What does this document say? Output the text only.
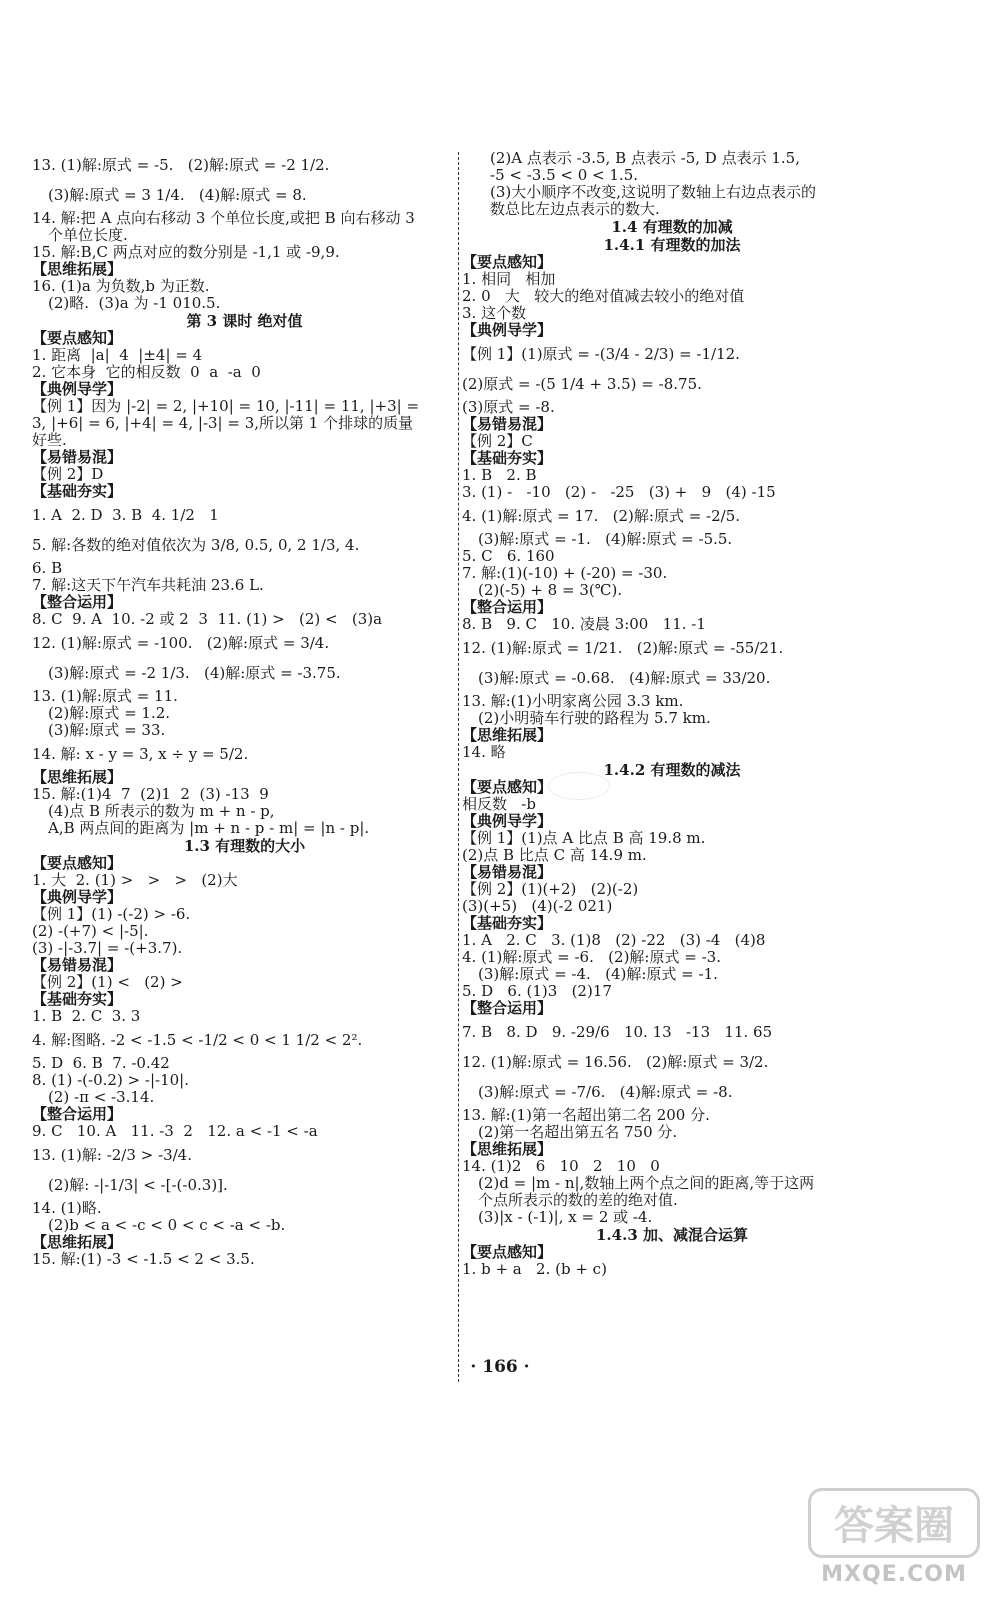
13. (1)解:原式 = -5.   (2)解:原式 = -2 1/2.
(3)解:原式 = 3 1/4.   (4)解:原式 = 8.
14. 解:把 A 点向右移动 3 个单位长度,或把 B 向右移动 3
个单位长度.
15. 解:B,C 两点对应的数分别是 -1,1 或 -9,9.
【思维拓展】
16. (1)a 为负数,b 为正数.
(2)略.  (3)a 为 -1 010.5.
第 3 课时 绝对值
【要点感知】
1. 距离  |a|  4  |±4| = 4
2. 它本身  它的相反数  0  a  -a  0
【典例导学】
【例 1】因为 |-2| = 2, |+10| = 10, |-11| = 11, |+3| =
3, |+6| = 6, |+4| = 4, |-3| = 3,所以第 1 个排球的质量
好些.
【易错易混】
【例 2】D
【基础夯实】
1. A  2. D  3. B  4. 1/2   1
5. 解:各数的绝对值依次为 3/8, 0.5, 0, 2 1/3, 4.
6. B
7. 解:这天下午汽车共耗油 23.6 L.
【整合运用】
8. C  9. A  10. -2 或 2  3  11. (1) >   (2) <   (3)a
12. (1)解:原式 = -100.   (2)解:原式 = 3/4.
(3)解:原式 = -2 1/3.   (4)解:原式 = -3.75.
13. (1)解:原式 = 11.
(2)解:原式 = 1.2.
(3)解:原式 = 33.
14. 解: x - y = 3, x ÷ y = 5/2.
【思维拓展】
15. 解:(1)4  7  (2)1  2  (3) -13  9
(4)点 B 所表示的数为 m + n - p,
A,B 两点间的距离为 |m + n - p - m| = |n - p|.
1.3 有理数的大小
【要点感知】
1. 大  2. (1) >   >   >   (2)大
【典例导学】
【例 1】(1) -(-2) > -6.
(2) -(+7) < |-5|.
(3) -|-3.7| = -(+3.7).
【易错易混】
【例 2】(1) <   (2) >
【基础夯实】
1. B  2. C  3. 3
4. 解:图略. -2 < -1.5 < -1/2 < 0 < 1 1/2 < 2².
5. D  6. B  7. -0.42
8. (1) -(-0.2) > -|-10|.
(2) -π < -3.14.
【整合运用】
9. C   10. A   11. -3  2   12. a < -1 < -a
13. (1)解: -2/3 > -3/4.
(2)解: -|-1/3| < -[-(-0.3)].
14. (1)略.
(2)b < a < -c < 0 < c < -a < -b.
【思维拓展】
15. 解:(1) -3 < -1.5 < 2 < 3.5.
(2)A 点表示 -3.5, B 点表示 -5, D 点表示 1.5,
-5 < -3.5 < 0 < 1.5.
(3)大小顺序不改变,这说明了数轴上右边点表示的
数总比左边点表示的数大.
1.4 有理数的加减
1.4.1 有理数的加法
【要点感知】
1. 相同   相加
2. 0   大   较大的绝对值减去较小的绝对值
3. 这个数
【典例导学】
【例 1】(1)原式 = -(3/4 - 2/3) = -1/12.
(2)原式 = -(5 1/4 + 3.5) = -8.75.
(3)原式 = -8.
【易错易混】
【例 2】C
【基础夯实】
1. B   2. B
3. (1) -   -10   (2) -   -25   (3) +   9   (4) -15
4. (1)解:原式 = 17.   (2)解:原式 = -2/5.
(3)解:原式 = -1.   (4)解:原式 = -5.5.
5. C   6. 160
7. 解:(1)(-10) + (-20) = -30.
(2)(-5) + 8 = 3(℃).
【整合运用】
8. B   9. C   10. 凌晨 3:00   11. -1
12. (1)解:原式 = 1/21.   (2)解:原式 = -55/21.
(3)解:原式 = -0.68.   (4)解:原式 = 33/20.
13. 解:(1)小明家离公园 3.3 km.
(2)小明骑车行驶的路程为 5.7 km.
【思维拓展】
14. 略
1.4.2 有理数的减法
【要点感知】
相反数   -b
【典例导学】
【例 1】(1)点 A 比点 B 高 19.8 m.
(2)点 B 比点 C 高 14.9 m.
【易错易混】
【例 2】(1)(+2)   (2)(-2)
(3)(+5)   (4)(-2 021)
【基础夯实】
1. A   2. C   3. (1)8   (2) -22   (3) -4   (4)8
4. (1)解:原式 = -6.   (2)解:原式 = -3.
(3)解:原式 = -4.   (4)解:原式 = -1.
5. D   6. (1)3   (2)17
【整合运用】
7. B   8. D   9. -29/6   10. 13   -13   11. 65
12. (1)解:原式 = 16.56.   (2)解:原式 = 3/2.
(3)解:原式 = -7/6.   (4)解:原式 = -8.
13. 解:(1)第一名超出第二名 200 分.
(2)第一名超出第五名 750 分.
【思维拓展】
14. (1)2   6   10   2   10   0
(2)d = |m - n|,数轴上两个点之间的距离,等于这两
个点所表示的数的差的绝对值.
(3)|x - (-1)|, x = 2 或 -4.
1.4.3 加、减混合运算
【要点感知】
1. b + a   2. (b + c)
· 166 ·
答案圈
MXQE.COM
